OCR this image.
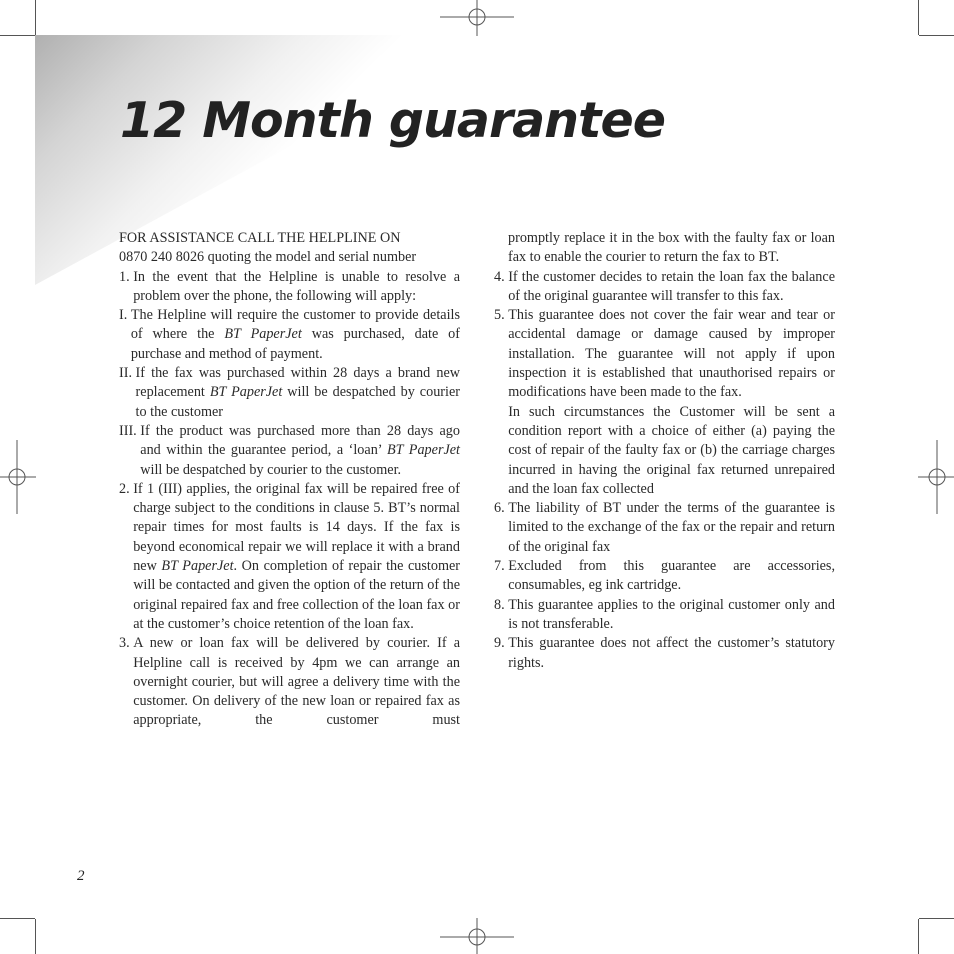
12 Month guarantee

FOR ASSISTANCE CALL THE HELPLINE ON

0870 240 8026 quoting the model and serial number

1.
In the event that the Helpline is unable to resolve a problem over the phone, the following will apply:
I.
The Helpline will require the customer to provide details of where the BT PaperJet was purchased, date of purchase and method of payment.
II.
If the fax was purchased within 28 days a brand new replacement BT PaperJet will be despatched by courier to the customer
III.
If the product was purchased more than 28 days ago and within the guarantee period, a ‘loan’ BT PaperJet will be despatched by courier to the customer.
2.
If 1 (III) applies, the original fax will be repaired free of charge subject to the conditions in clause 5. BT’s normal repair times for most faults is 14 days. If the fax is beyond economical repair we will replace it with a brand new BT PaperJet. On completion of repair the customer will be contacted and given the option of the return of the original repaired fax and free collection of the loan fax or at the customer’s choice retention of the loan fax.
3.
A new or loan fax will be delivered by courier. If a Helpline call is received by 4pm we can arrange an overnight courier, but will agree a delivery time with the customer. On delivery of the new loan or repaired fax as appropriate, the customer must

promptly replace it in the box with the faulty fax or loan fax to enable the courier to return the fax to BT.

4.
If the customer decides to retain the loan fax the balance of the original guarantee will transfer to this fax.
5.
This guarantee does not cover the fair wear and tear or accidental damage or damage caused by improper installation. The guarantee will not apply if upon inspection it is established that unauthorised repairs or modifications have been made to the fax.
In such circumstances the Customer will be sent a condition report with a choice of either (a) paying the cost of repair of the faulty fax or (b) the carriage charges incurred in having the original fax returned unrepaired and the loan fax collected
6.
The liability of BT under the terms of the guarantee is limited to the exchange of the fax or the repair and return of the original fax
7.
Excluded from this guarantee are accessories, consumables, eg ink cartridge.
8.
This guarantee applies to the original customer only and is not transferable.
9.
This guarantee does not affect the customer’s statutory rights.
2
